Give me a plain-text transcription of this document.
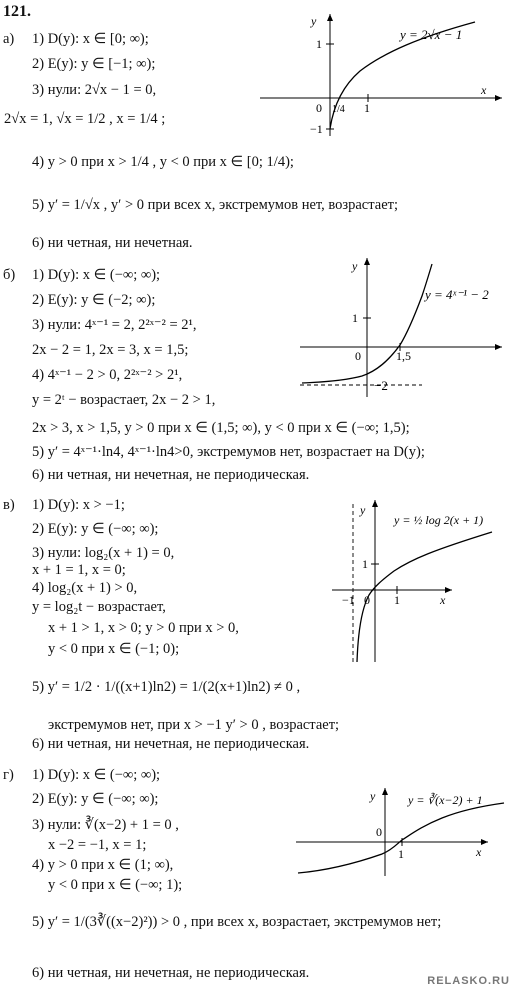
121.
а) 1) D(y): x ∈ [0; ∞);
2) E(y): y ∈ [−1; ∞);
3) нули: 2√x − 1 = 0,
2√x = 1, √x = 1/2 , x = 1/4 ;
4) y > 0 при x > 1/4 , y < 0 при x ∈ [0; 1/4);
5) y′ = 1/√x , y′ > 0 при всех x, экстремумов нет, возрастает;
6) ни четная, ни нечетная.
y
x
y = 2√x − 1
1
−1
0 1/4 1
б) 1) D(y): x ∈ (−∞; ∞);
2) E(y): y ∈ (−2; ∞);
3) нули: 4ˣ⁻¹ = 2, 2²ˣ⁻² = 2¹,
2x − 2 = 1, 2x = 3, x = 1,5;
4) 4ˣ⁻¹ − 2 > 0, 2²ˣ⁻² > 2¹,
y = 2ᵗ − возрастает, 2x − 2 > 1,
2x > 3, x > 1,5, y > 0 при x ∈ (1,5; ∞), y < 0 при x ∈ (−∞; 1,5);
5) y′ = 4ˣ⁻¹·ln4, 4ˣ⁻¹·ln4>0, экстремумов нет, возрастает на D(y);
6) ни четная, ни нечетная, не периодическая.
y
y = 4ˣ⁻¹ − 2
1
0	1,5
−2
в) 1) D(y): x > −1;
2) E(y): y ∈ (−∞; ∞);
3) нули: log₂(x + 1) = 0,
x + 1 = 1, x = 0;
4) log₂(x + 1) > 0,
y = log₂t − возрастает,
x + 1 > 1, x > 0; y > 0 при x > 0,
y < 0 при x ∈ (−1; 0);
5) y′ = 1/2 · 1/((x+1)ln2) = 1/(2(x+1)ln2) ≠ 0 ,
экстремумов нет, при x > −1 y′ > 0 , возрастает;
6) ни четная, ни нечетная, не периодическая.
y
x
y = ½ log 2(x + 1)
1
−1 0 1
г) 1) D(y): x ∈ (−∞; ∞);
2) E(y): y ∈ (−∞; ∞);
3) нули: ∛(x−2) + 1 = 0 ,
x −2 = −1, x = 1;
4) y > 0 при x ∈ (1; ∞),
y < 0 при x ∈ (−∞; 1);
5) y′ = 1/(3∛((x−2)²)) > 0 , при всех x, возрастает, экстремумов нет;
6) ни четная, ни нечетная, не периодическая.
y
x
y = ∛(x−2) + 1
0
1
RELASKO.RU
